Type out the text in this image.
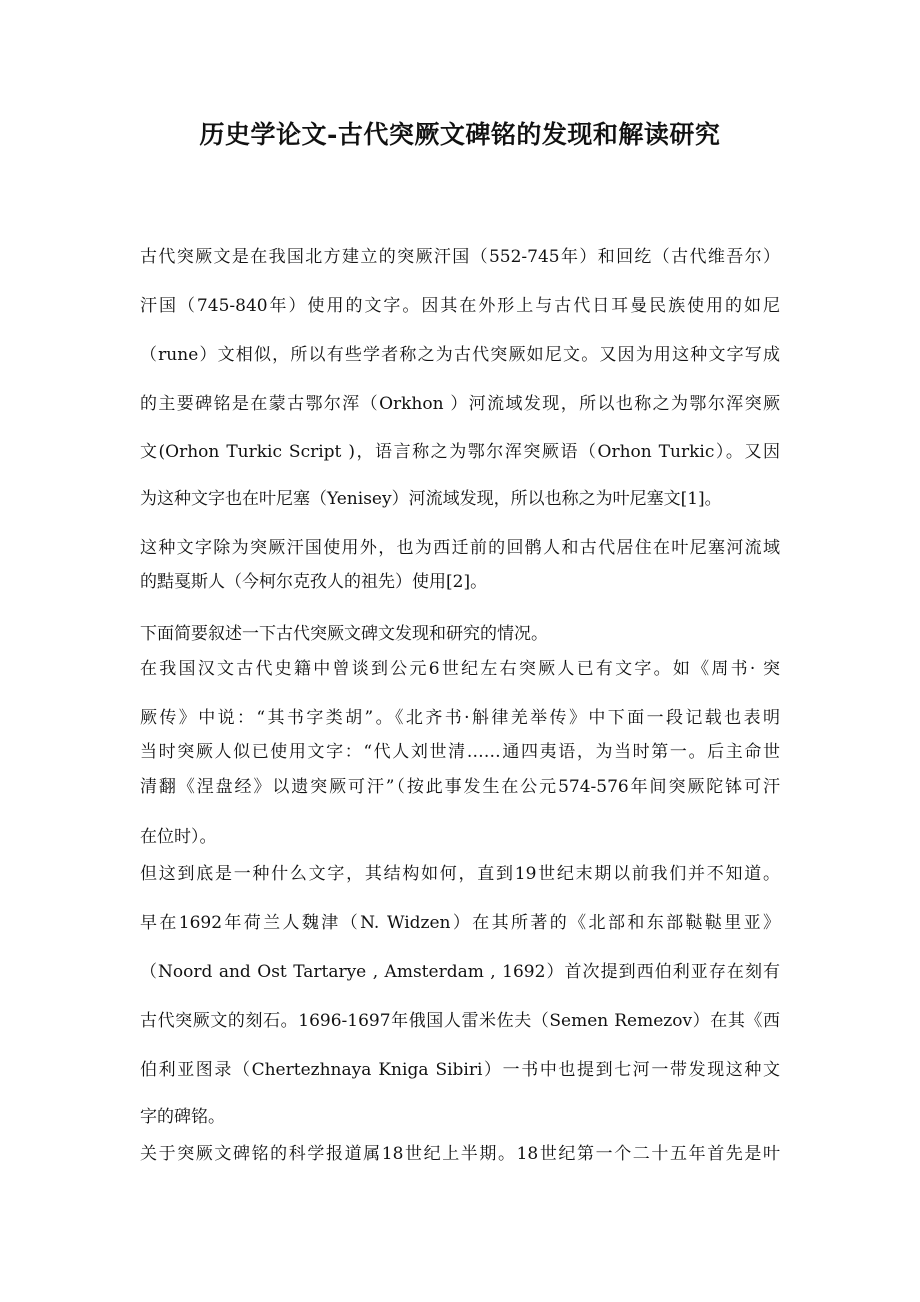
历史学论文-古代突厥文碑铭的发现和解读研究
古代突厥文是在我国北方建立的突厥汗国（552-745年）和回纥（古代维吾尔）
汗国（745-840年）使用的文字。因其在外形上与古代日耳曼民族使用的如尼
（rune）文相似，所以有些学者称之为古代突厥如尼文。又因为用这种文字写成
的主要碑铭是在蒙古鄂尔浑（Orkhon ）河流域发现，所以也称之为鄂尔浑突厥
文(Orhon Turkic Script )，语言称之为鄂尔浑突厥语（Orhon Turkic）。又因
为这种文字也在叶尼塞（Yenisey）河流域发现，所以也称之为叶尼塞文[1]。
这种文字除为突厥汗国使用外，也为西迁前的回鹘人和古代居住在叶尼塞河流域
的黠戛斯人（今柯尔克孜人的祖先）使用[2]。
下面简要叙述一下古代突厥文碑文发现和研究的情况。
在我国汉文古代史籍中曾谈到公元6世纪左右突厥人已有文字。如《周书· 突
厥传》中说：“其书字类胡”。《北齐书·斛律羌举传》中下面一段记载也表明
当时突厥人似已使用文字：“代人刘世清……通四夷语，为当时第一。后主命世
清翻《涅盘经》以遗突厥可汗”（按此事发生在公元574-576年间突厥陀钵可汗
在位时）。
但这到底是一种什么文字，其结构如何，直到19世纪末期以前我们并不知道。
早在1692年荷兰人魏津（N. Widzen）在其所著的《北部和东部鞑鞑里亚》
（Noord and Ost Tartarye , Amsterdam , 1692）首次提到西伯利亚存在刻有
古代突厥文的刻石。1696-1697年俄国人雷米佐夫（Semen Remezov）在其《西
伯利亚图录（Chertezhnaya Kniga Sibiri）一书中也提到七河一带发现这种文
字的碑铭。
关于突厥文碑铭的科学报道属18世纪上半期。18世纪第一个二十五年首先是叶
